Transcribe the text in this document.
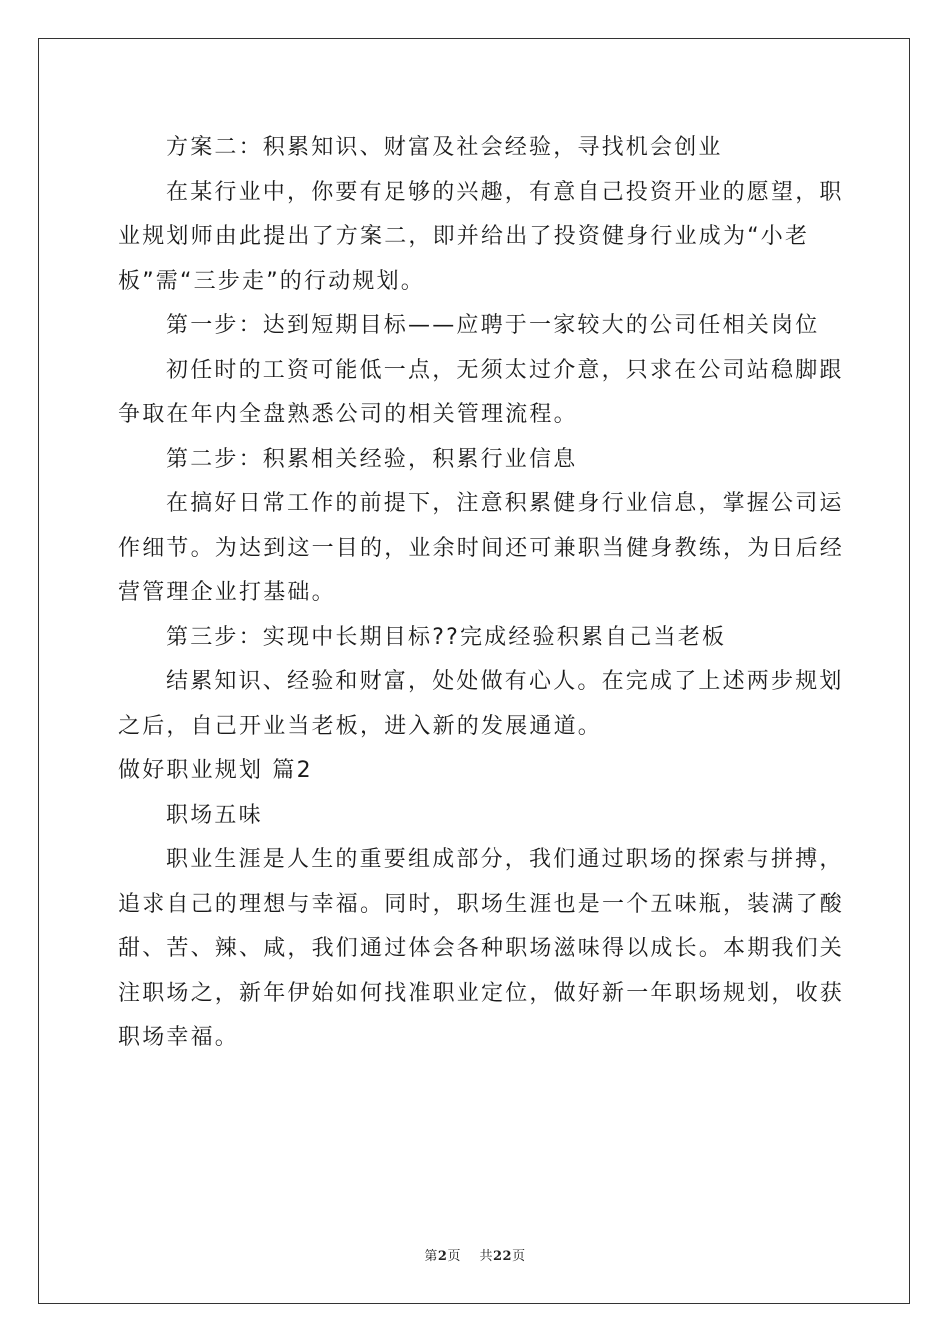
方案二：积累知识、财富及社会经验，寻找机会创业
在某行业中，你要有足够的兴趣，有意自己投资开业的愿望，职
业规划师由此提出了方案二，即并给出了投资健身行业成为“小老
板”需“三步走”的行动规划。
第一步：达到短期目标——应聘于一家较大的公司任相关岗位
初任时的工资可能低一点，无须太过介意，只求在公司站稳脚跟
争取在年内全盘熟悉公司的相关管理流程。
第二步：积累相关经验，积累行业信息
在搞好日常工作的前提下，注意积累健身行业信息，掌握公司运
作细节。为达到这一目的，业余时间还可兼职当健身教练，为日后经
营管理企业打基础。
第三步：实现中长期目标??完成经验积累自己当老板
结累知识、经验和财富，处处做有心人。在完成了上述两步规划
之后，自己开业当老板，进入新的发展通道。
做好职业规划 篇2
职场五味
职业生涯是人生的重要组成部分，我们通过职场的探索与拼搏，
追求自己的理想与幸福。同时，职场生涯也是一个五味瓶，装满了酸
甜、苦、辣、咸，我们通过体会各种职场滋味得以成长。本期我们关
注职场之，新年伊始如何找准职业定位，做好新一年职场规划，收获
职场幸福。
第2页 共22页
